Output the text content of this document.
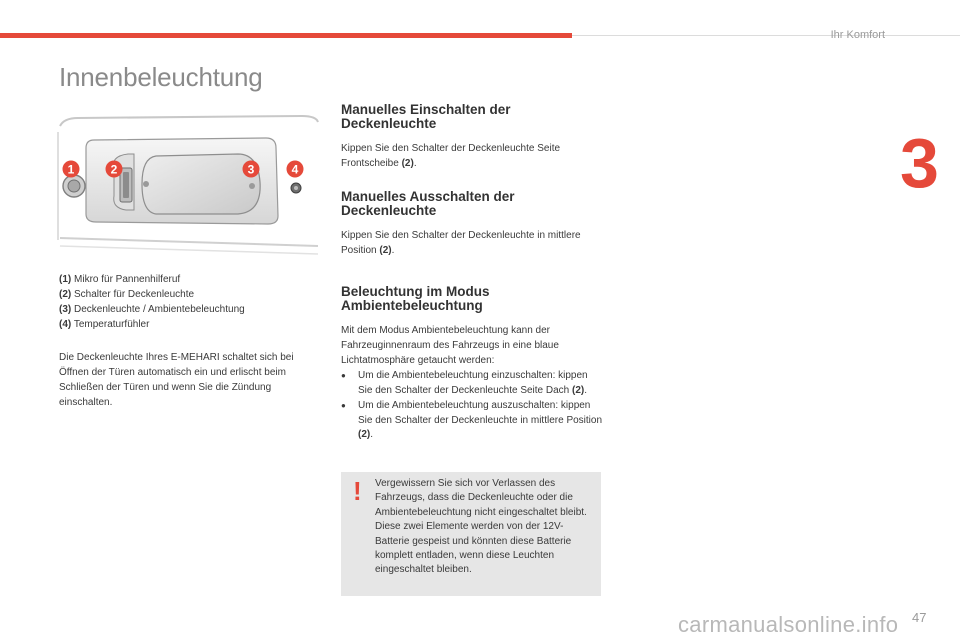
Ihr Komfort
3
Innenbeleuchtung
1	2	3	4
(1) Mikro für Pannenhilferuf
(2) Schalter für Deckenleuchte
(3) Deckenleuchte / Ambientebeleuchtung
(4) Temperaturfühler

Die Deckenleuchte Ihres E-MEHARI schaltet sich bei Öffnen der Türen automatisch ein und erlischt beim Schließen der Türen und wenn Sie die Zündung einschalten.

Manuelles Einschalten der Deckenleuchte

Kippen Sie den Schalter der Deckenleuchte Seite Frontscheibe (2).

Manuelles Ausschalten der Deckenleuchte

Kippen Sie den Schalter der Deckenleuchte in mittlere Position (2).

Beleuchtung im Modus Ambientebeleuchtung

Mit dem Modus Ambientebeleuchtung kann der Fahrzeuginnenraum des Fahrzeugs in eine blaue Lichtatmosphäre getaucht werden:

● Um die Ambientebeleuchtung einzuschalten: kippen Sie den Schalter der Deckenleuchte Seite Dach (2).
● Um die Ambientebeleuchtung auszuschalten: kippen Sie den Schalter der Deckenleuchte in mittlere Position (2).
! Vergewissern Sie sich vor Verlassen des Fahrzeugs, dass die Deckenleuchte oder die Ambientebeleuchtung nicht eingeschaltet bleibt.
Diese zwei Elemente werden von der 12V-Batterie gespeist und könnten diese Batterie komplett entladen, wenn diese Leuchten eingeschaltet bleiben.
47
carmanualsonline.info
